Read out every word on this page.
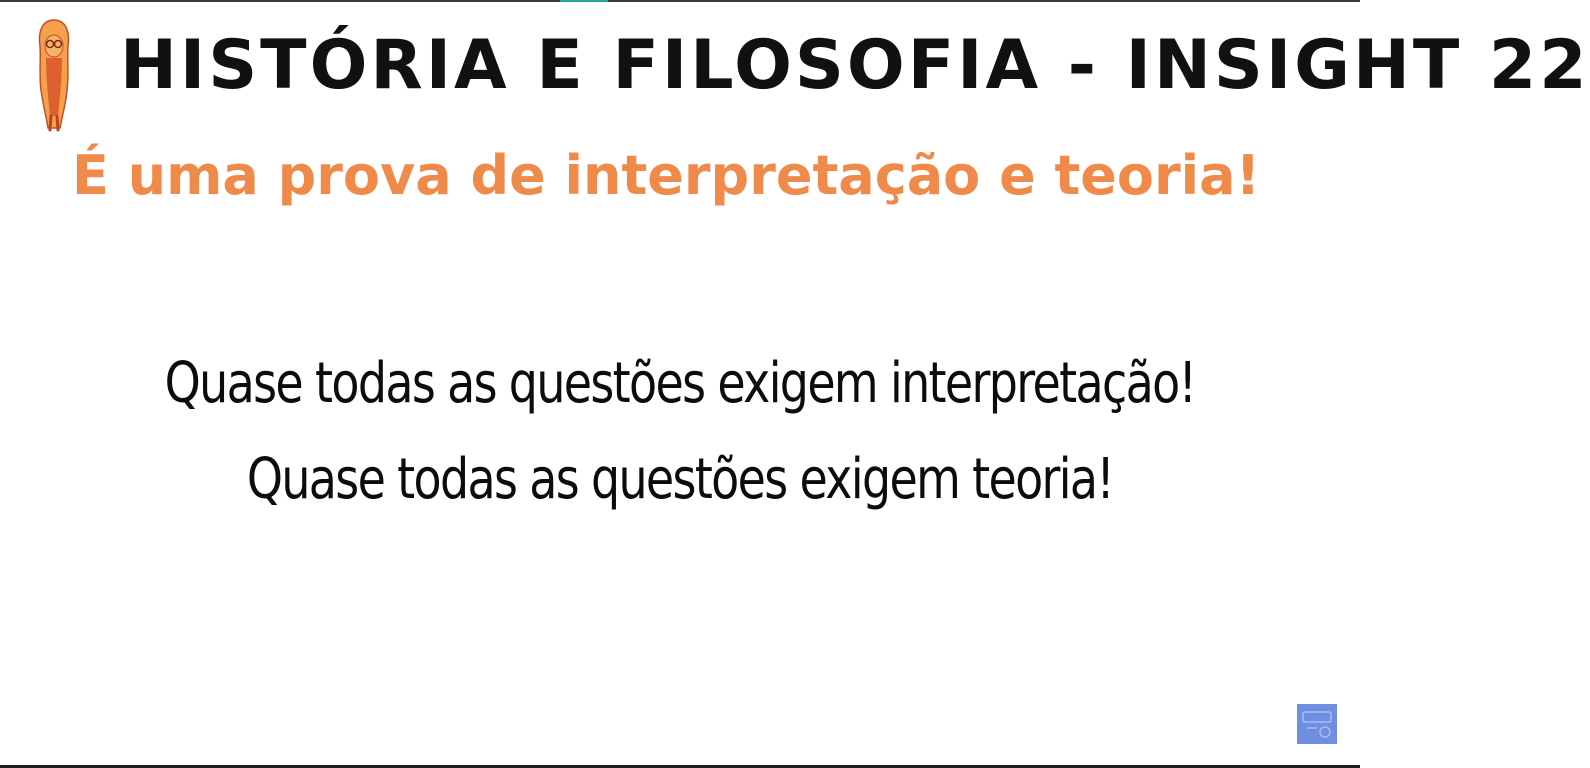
HISTÓRIA E FILOSOFIA - INSIGHT 22
É uma prova de interpretação e teoria!
Quase todas as questões exigem interpretação!
Quase todas as questões exigem teoria!
